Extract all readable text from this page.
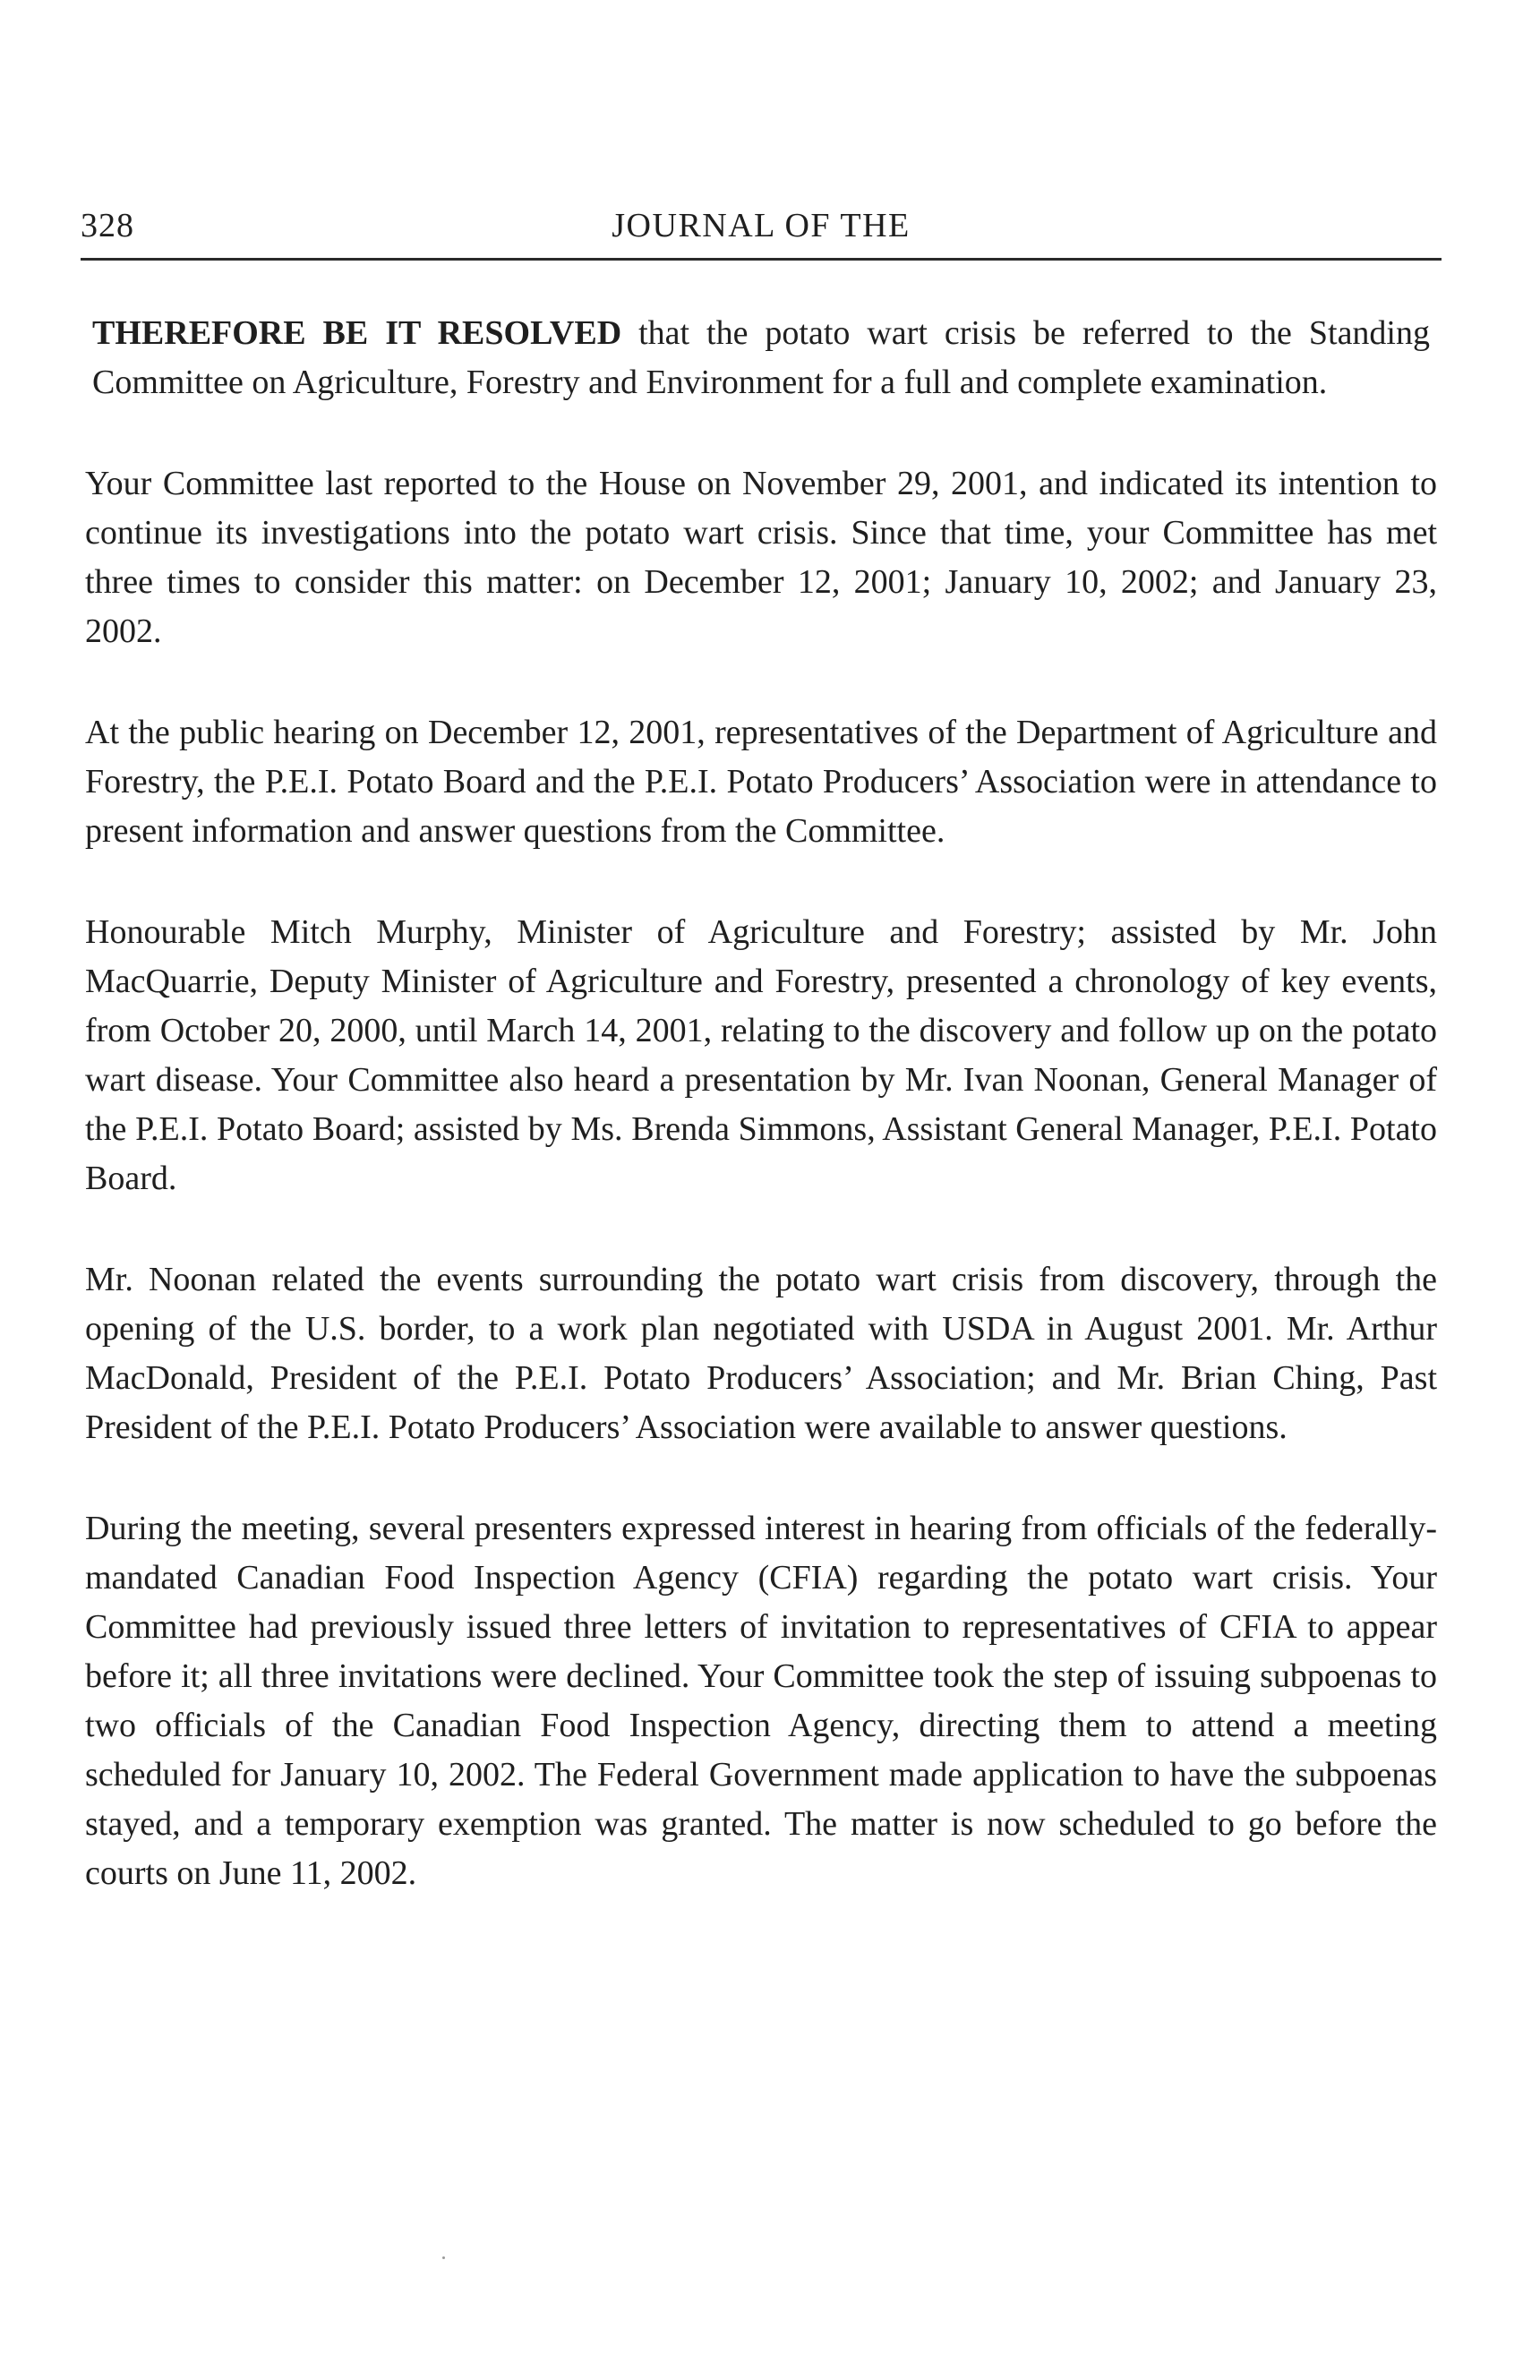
328	JOURNAL OF THE

THEREFORE BE IT RESOLVED that the potato wart crisis be referred to the Standing Committee on Agriculture, Forestry and Environment for a full and complete examination.

Your Committee last reported to the House on November 29, 2001, and indicated its intention to continue its investigations into the potato wart crisis. Since that time, your Committee has met three times to consider this matter: on December 12, 2001; January 10, 2002; and January 23, 2002.

At the public hearing on December 12, 2001, representatives of the Department of Agriculture and Forestry, the P.E.I. Potato Board and the P.E.I. Potato Producers’ Association were in attendance to present information and answer questions from the Committee.

Honourable Mitch Murphy, Minister of Agriculture and Forestry; assisted by Mr. John MacQuarrie, Deputy Minister of Agriculture and Forestry, presented a chronology of key events, from October 20, 2000, until March 14, 2001, relating to the discovery and follow up on the potato wart disease. Your Committee also heard a presentation by Mr. Ivan Noonan, General Manager of the P.E.I. Potato Board; assisted by Ms. Brenda Simmons, Assistant General Manager, P.E.I. Potato Board.

Mr. Noonan related the events surrounding the potato wart crisis from discovery, through the opening of the U.S. border, to a work plan negotiated with USDA in August 2001. Mr. Arthur MacDonald, President of the P.E.I. Potato Producers’ Association; and Mr. Brian Ching, Past President of the P.E.I. Potato Producers’ Association were available to answer questions.

During the meeting, several presenters expressed interest in hearing from officials of the federally-mandated Canadian Food Inspection Agency (CFIA) regarding the potato wart crisis. Your Committee had previously issued three letters of invitation to representatives of CFIA to appear before it; all three invitations were declined. Your Committee took the step of issuing subpoenas to two officials of the Canadian Food Inspection Agency, directing them to attend a meeting scheduled for January 10, 2002. The Federal Government made application to have the subpoenas stayed, and a temporary exemption was granted. The matter is now scheduled to go before the courts on June 11, 2002.
